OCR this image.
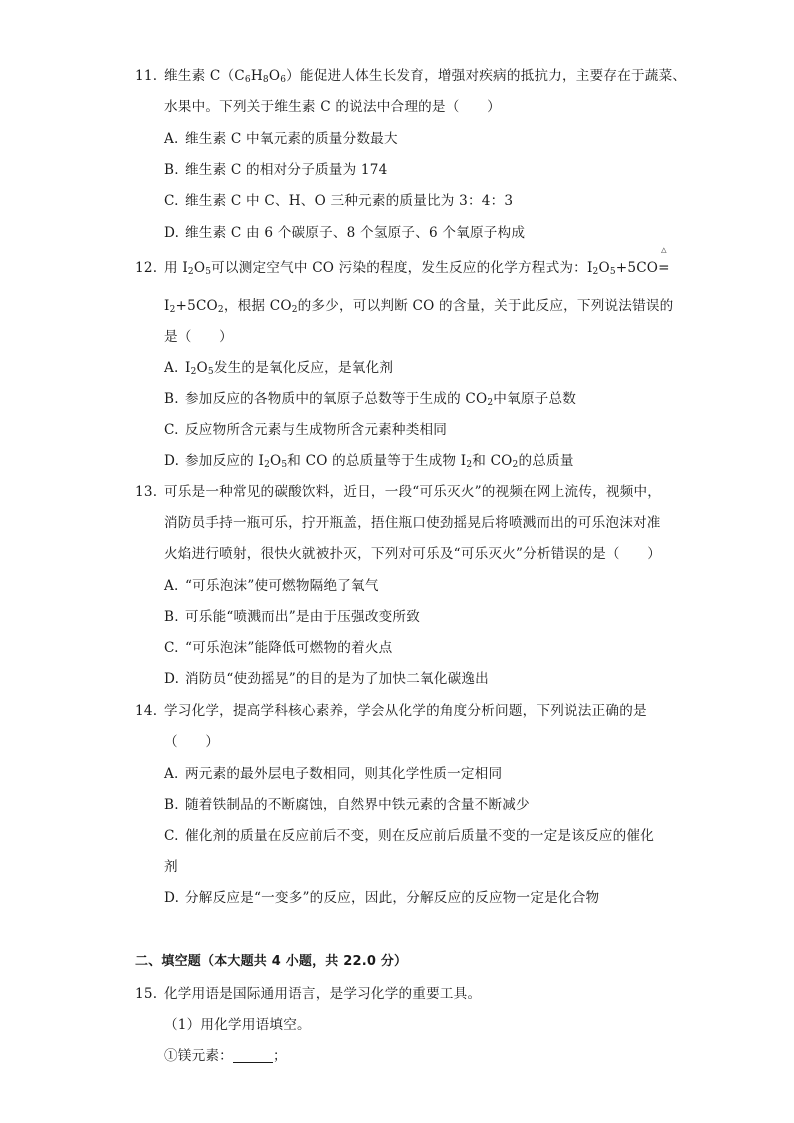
11. 维生素 $C(C_6H_8O_6)$能促进人体生长发育，增强对疾病的抵抗力，主要存在于蔬菜、
水果中。下列关于维生素 C 的说法中合理的是（　　）
A. 维生素 C 中氧元素的质量分数最大
B. 维生素 C 的相对分子质量为 174
C. 维生素 C 中 C、H、O 三种元素的质量比为 3：4：3
D. 维生素 C 由 6 个碳原子、8 个氢原子、6 个氧原子构成
12. 用 $I_2O_5$可以测定空气中 CO 污染的程度，发生反应的化学方程式为：$I_2O_5+5CO$
△
=
$I_2+5CO_2$，根据 $CO_2$的多少，可以判断 CO 的含量，关于此反应，下列说法错误的
是（　　）
A. $I_2O_5$发生的是氧化反应，是氧化剂
B. 参加反应的各物质中的氧原子总数等于生成的 $CO_2$中氧原子总数
C. 反应物所含元素与生成物所含元素种类相同
D. 参加反应的 $I_2O_5$和 CO 的总质量等于生成物 $I_2$和 $CO_2$的总质量
13. 可乐是一种常见的碳酸饮料，近日，一段“可乐灭火”的视频在网上流传，视频中，
消防员手持一瓶可乐，拧开瓶盖，捂住瓶口使劲摇晃后将喷溅而出的可乐泡沫对准
火焰进行喷射，很快火就被扑灭，下列对可乐及“可乐灭火”分析错误的是（　　）
A. “可乐泡沫”使可燃物隔绝了氧气
B. 可乐能“喷溅而出”是由于压强改变所致
C. “可乐泡沫”能降低可燃物的着火点
D. 消防员“使劲摇晃”的目的是为了加快二氧化碳逸出
14. 学习化学，提高学科核心素养，学会从化学的角度分析问题，下列说法正确的是
（　　）
A. 两元素的最外层电子数相同，则其化学性质一定相同
B. 随着铁制品的不断腐蚀，自然界中铁元素的含量不断减少
C. 催化剂的质量在反应前后不变，则在反应前后质量不变的一定是该反应的催化
剂
D. 分解反应是“一变多”的反应，因此，分解反应的反应物一定是化合物
二、填空题（本大题共 4 小题，共 22.0 分）
15. 化学用语是国际通用语言，是学习化学的重要工具。
（1）用化学用语填空。
①镁元素：	；
